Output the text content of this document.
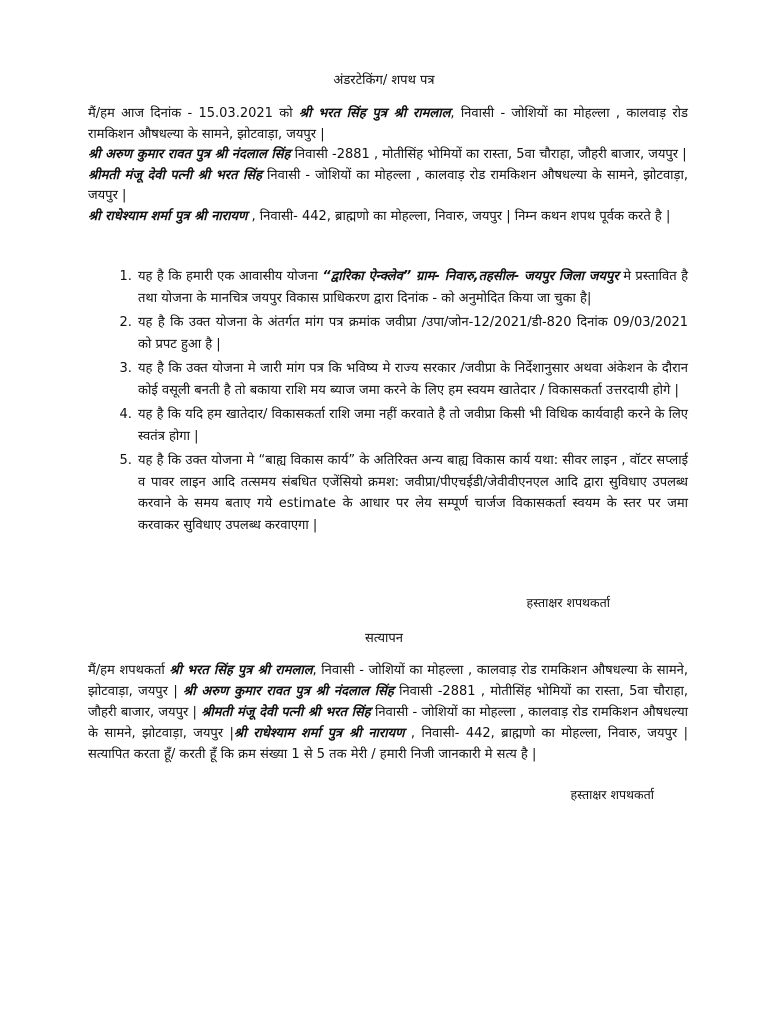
अंडरटेकिंग/ शपथ पत्र
मैं/हम आज दिनांक - 15.03.2021 को श्री भरत सिंह पुत्र श्री रामलाल, निवासी - जोशियों का मोहल्ला , कालवाड़ रोड रामकिशन औषधल्या के सामने, झोटवाड़ा, जयपुर |
श्री अरुण कुमार रावत पुत्र श्री नंदलाल सिंह निवासी -2881 , मोतीसिंह भोमियों का रास्ता, 5वा चौराहा, जौहरी बाजार, जयपुर |
श्रीमती मंजू देवी पत्नी श्री भरत सिंह निवासी - जोशियों का मोहल्ला , कालवाड़ रोड रामकिशन औषधल्या के सामने, झोटवाड़ा, जयपुर |
श्री राधेश्याम शर्मा पुत्र श्री नारायण , निवासी- 442, ब्राह्मणो का मोहल्ला, निवारु, जयपुर | निम्न कथन शपथ पूर्वक करते है |
1. यह है कि हमारी एक आवासीय योजना “द्वारिका ऐन्क्लेव” ग्राम- निवारु,तहसील- जयपुर जिला जयपुर मे प्रस्तावित है तथा योजना के मानचित्र जयपुर विकास प्राधिकरण द्वारा दिनांक - को अनुमोदित किया जा चुका है|
2. यह है कि उक्त योजना के अंतर्गत मांग पत्र क्रमांक जवीप्रा /उपा/जोन-12/2021/डी-820 दिनांक 09/03/2021 को प्रपट हुआ है |
3. यह है कि उक्त योजना मे जारी मांग पत्र कि भविष्य मे राज्य सरकार /जवीप्रा के निर्देशानुसार अथवा अंकेशन के दौरान कोई वसूली बनती है तो बकाया राशि मय ब्याज जमा करने के लिए हम स्वयम खातेदार / विकासकर्ता उत्तरदायी होगे |
4. यह है कि यदि हम खातेदार/ विकासकर्ता राशि जमा नहीं करवाते है तो जवीप्रा किसी भी विधिक कार्यवाही करने के लिए स्वतंत्र होगा |
5. यह है कि उक्त योजना मे “बाह्य विकास कार्य” के अतिरिक्त अन्य बाह्य विकास कार्य यथा: सीवर लाइन , वॉटर सप्लाई व पावर लाइन आदि तत्समय संबधित एजेंसियो क्रमश: जवीप्रा/पीएचईडी/जेवीवीएनएल आदि द्वारा सुविधाए उपलब्ध करवाने के समय बताए गये estimate के आधार पर लेय सम्पूर्ण चार्जज विकासकर्ता स्वयम के स्तर पर जमा करवाकर सुविधाए उपलब्ध करवाएगा |
हस्ताक्षर शपथकर्ता
सत्यापन
मैं/हम शपथकर्ता श्री भरत सिंह पुत्र श्री रामलाल, निवासी - जोशियों का मोहल्ला , कालवाड़ रोड रामकिशन औषधल्या के सामने, झोटवाड़ा, जयपुर | श्री अरुण कुमार रावत पुत्र श्री नंदलाल सिंह निवासी -2881 , मोतीसिंह भोमियों का रास्ता, 5वा चौराहा, जौहरी बाजार, जयपुर | श्रीमती मंजू देवी पत्नी श्री भरत सिंह निवासी - जोशियों का मोहल्ला , कालवाड़ रोड रामकिशन औषधल्या के सामने, झोटवाड़ा, जयपुर |श्री राधेश्याम शर्मा पुत्र श्री नारायण , निवासी- 442, ब्राह्मणो का मोहल्ला, निवारु, जयपुर | सत्यापित करता हूँ/ करती हूँ कि क्रम संख्या 1 से 5 तक मेरी / हमारी निजी जानकारी मे सत्य है |
हस्ताक्षर शपथकर्ता
